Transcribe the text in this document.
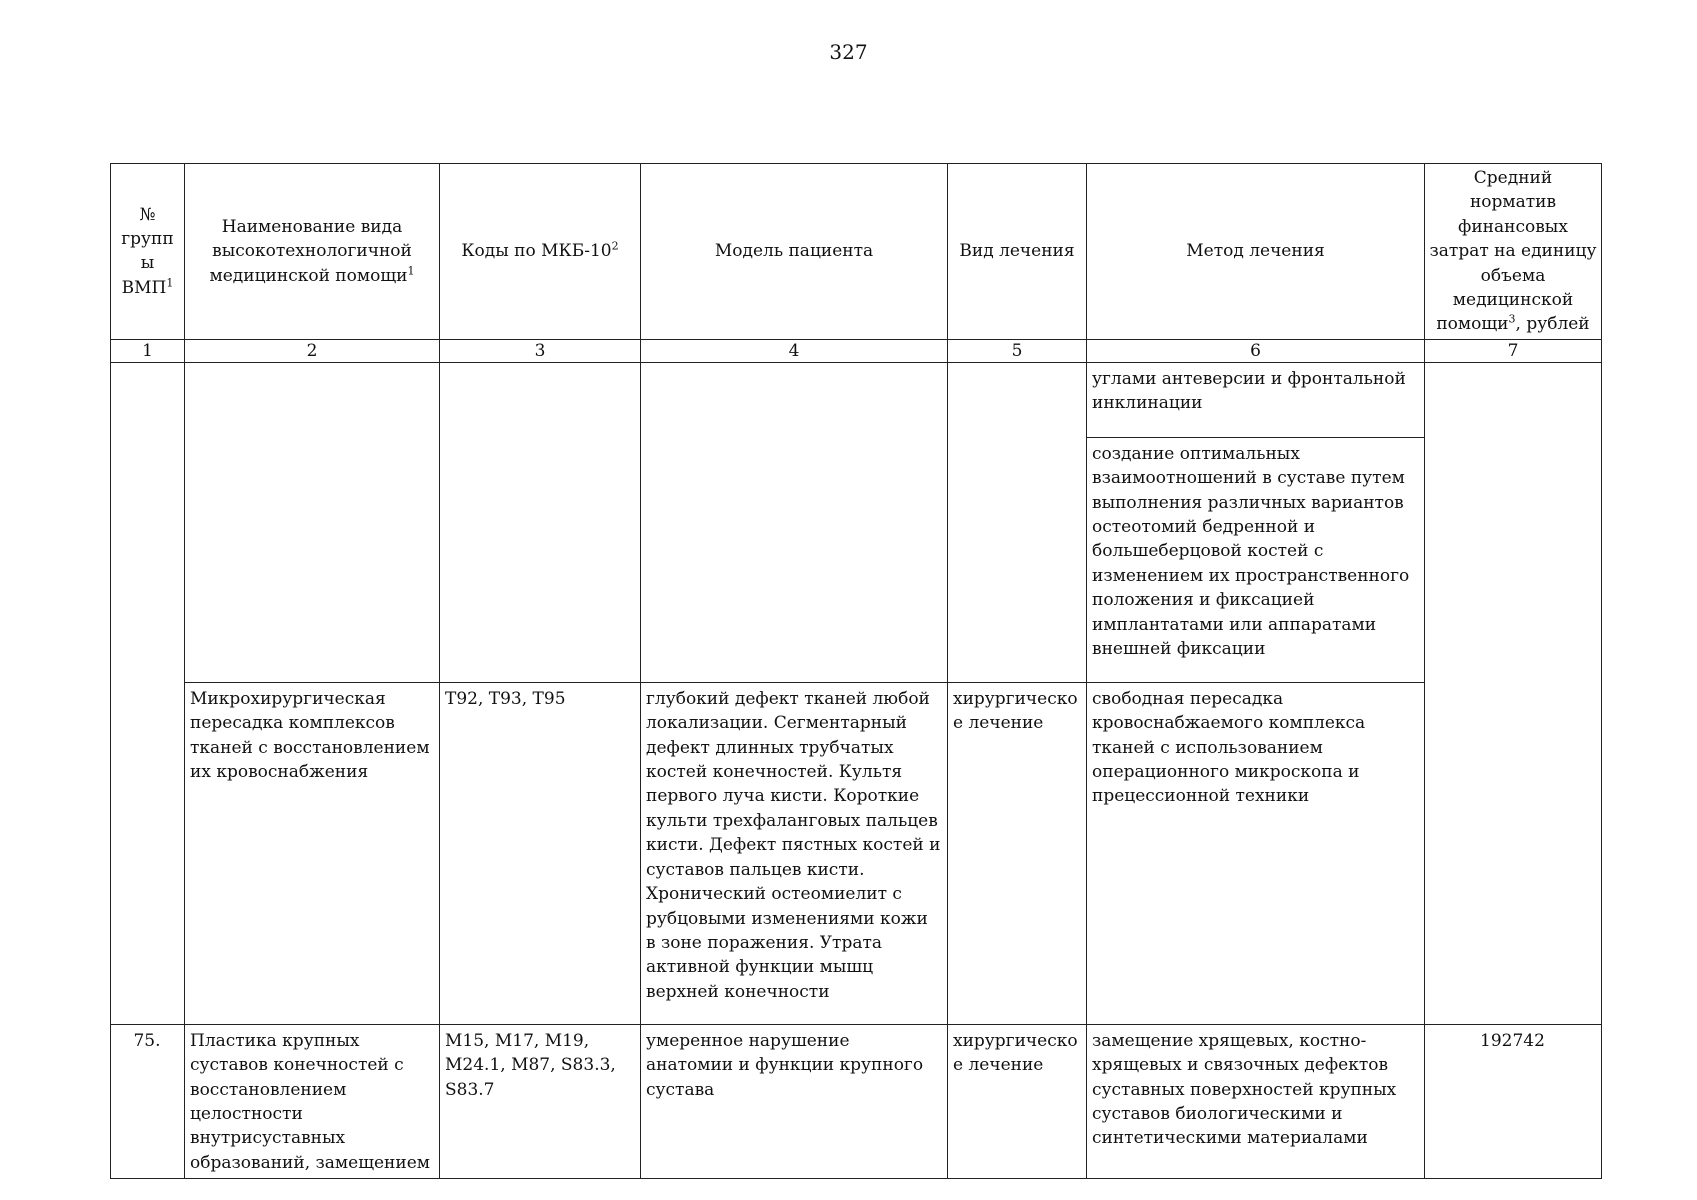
327
№ групп ы ВМП$^1$	Наименование вида высокотехнологичной медицинской помощи$^1$	Коды по МКБ-$10^2$	Модель пациента	Вид лечения	Метод лечения	Средний норматив финансовых затрат на единицу объема медицинской помощи$^3$, рублей
1	2	3	4	5	6	7
					углами антеверсии и фронтальной инклинации	
					создание оптимальных взаимоотношений в суставе путем выполнения различных вариантов остеотомий бедренной и большеберцовой костей с изменением их пространственного положения и фиксацией имплантатами или аппаратами внешней фиксации	
	Микрохирургическая пересадка комплексов тканей с восстановлением их кровоснабжения	T92, T93, T95	глубокий дефект тканей любой локализации. Сегментарный дефект длинных трубчатых костей конечностей. Культя первого луча кисти. Короткие культи трехфаланговых пальцев кисти. Дефект пястных костей и суставов пальцев кисти. Хронический остеомиелит с рубцовыми изменениями кожи в зоне поражения. Утрата активной функции мышц верхней конечности	хирургическо е лечение	свободная пересадка кровоснабжаемого комплекса тканей с использованием операционного микроскопа и прецессионной техники	
75.	Пластика крупных суставов конечностей с восстановлением целостности внутрисуставных образований, замещением	M15, M17, M19, M24.1, M87, S83.3, S83.7	умеренное нарушение анатомии и функции крупного сустава	хирургическо е лечение	замещение хрящевых, костно-хрящевых и связочных дефектов суставных поверхностей крупных суставов биологическими и синтетическими материалами	192742
